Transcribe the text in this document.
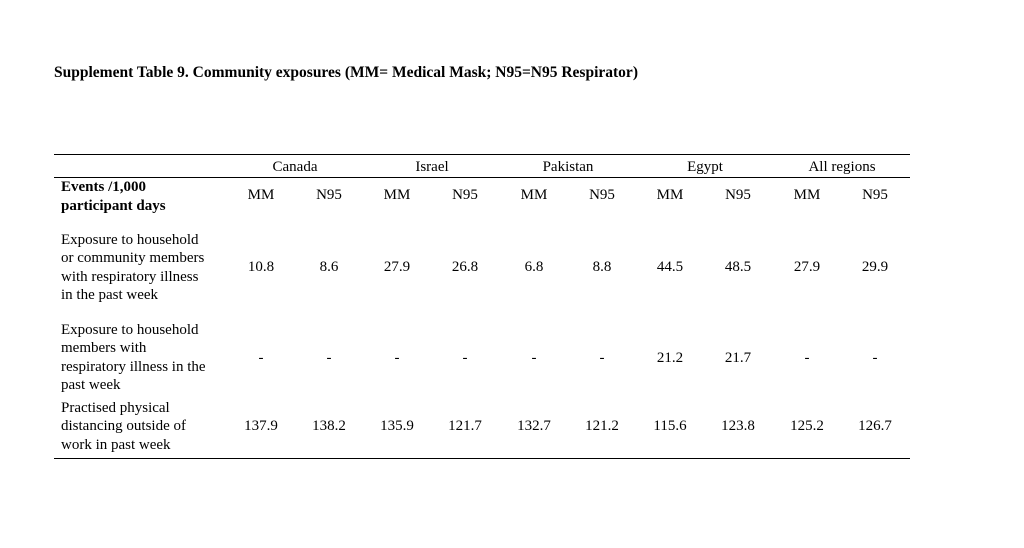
Supplement Table 9. Community exposures (MM= Medical Mask; N95=N95 Respirator)
Canada	Israel	Pakistan	Egypt	All regions
Events /1,000
participant days
MM	N95	MM	N95	MM	N95	MM	N95	MM	N95
Exposure to household
or community members
with respiratory illness
in the past week
10.8	8.6	27.9	26.8	6.8	8.8	44.5	48.5	27.9	29.9
Exposure to household
members with
respiratory illness in the
past week
-	-	-	-	-	-	21.2	21.7	-	-
Practised physical
distancing outside of
work in past week
137.9	138.2	135.9	121.7	132.7	121.2	115.6	123.8	125.2	126.7
